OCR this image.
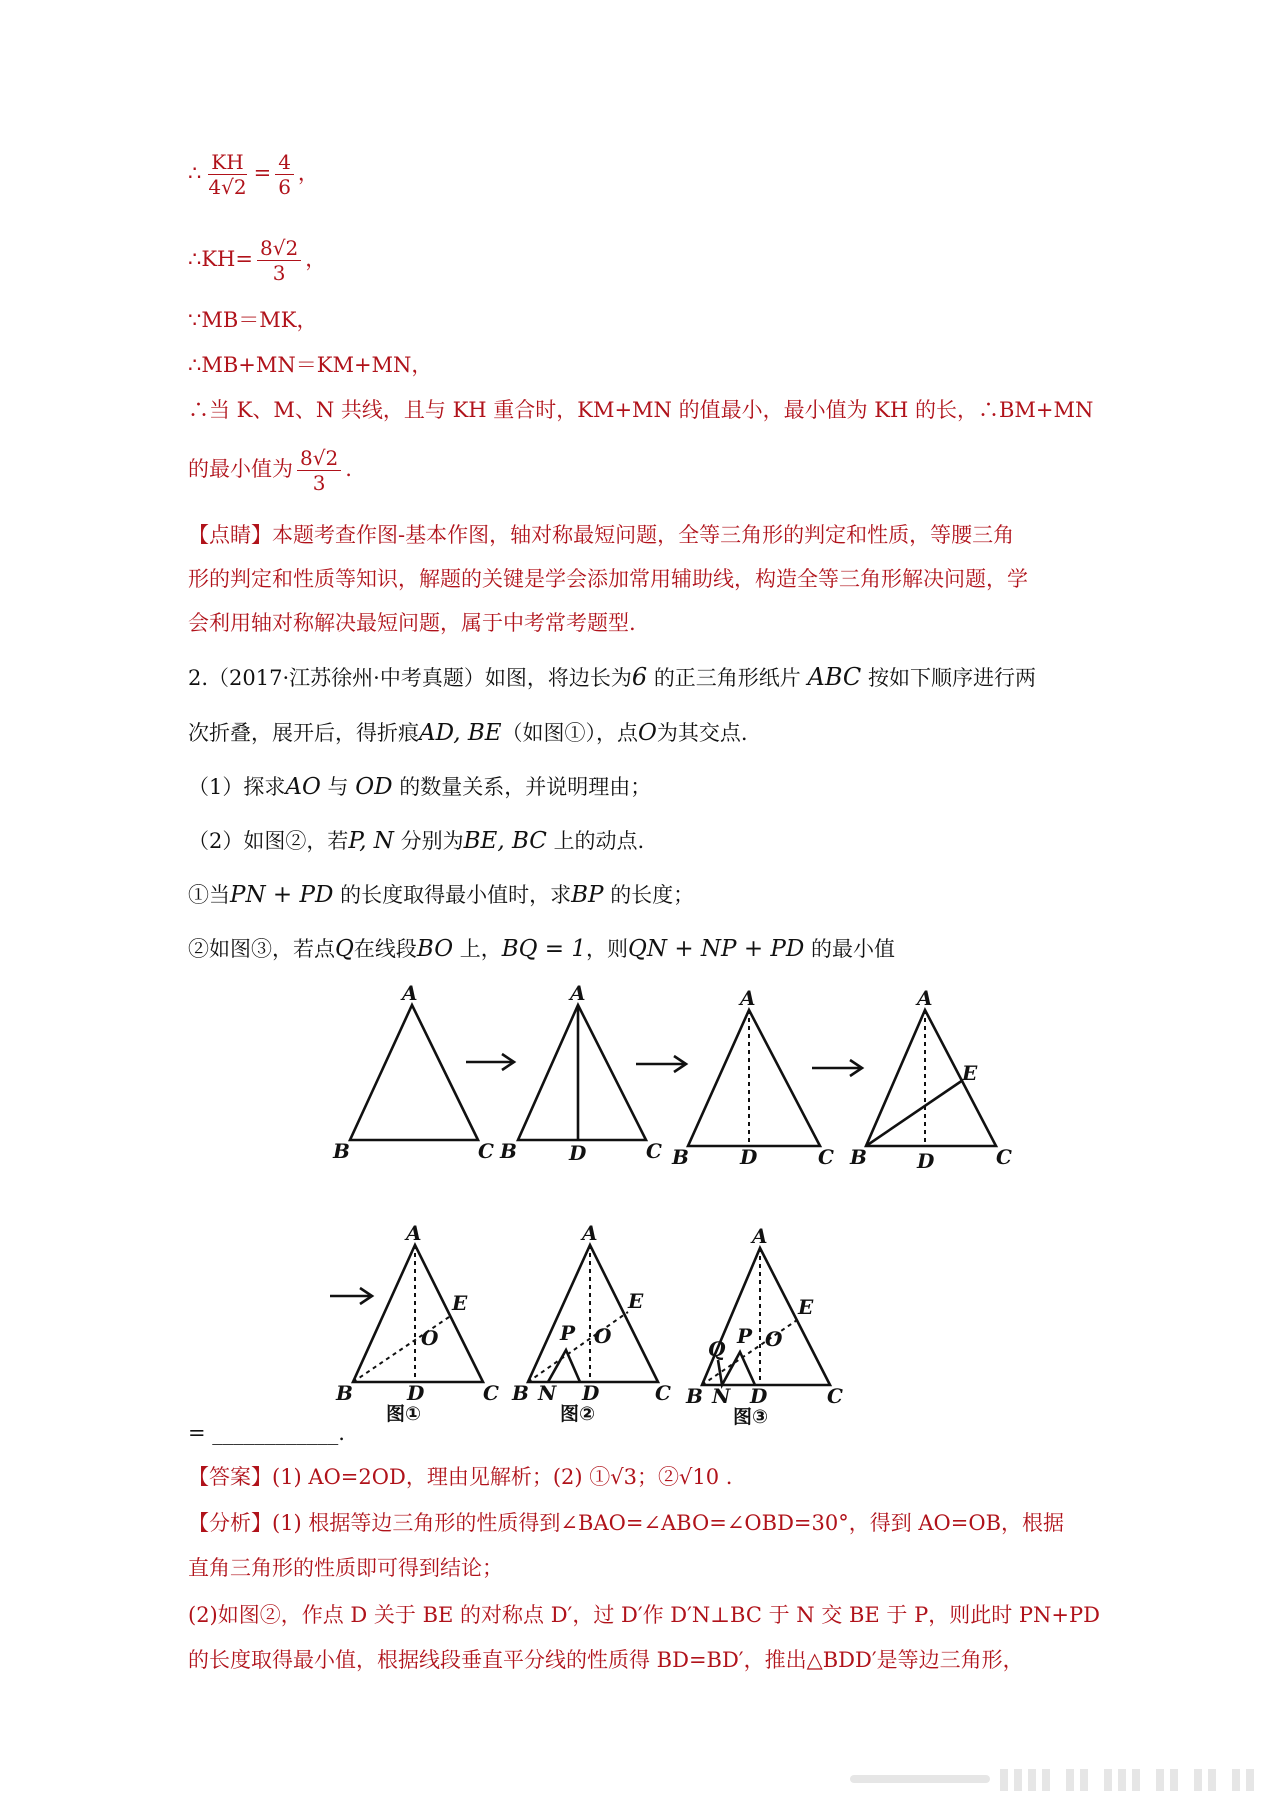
∴ $\frac{KH}{4√2} = \frac{4}{6}$ ，
∴KH= $\frac{8√2}{3}$ ，
∵MB＝MK，
∴MB+MN＝KM+MN，
∴当 K、M、N 共线，且与 KH 重合时，KM+MN 的值最小，最小值为 KH 的长，∴BM+MN
的最小值为 $\frac{8√2}{3}$ .
【点睛】本题考查作图-基本作图，轴对称最短问题，全等三角形的判定和性质，等腰三角
形的判定和性质等知识，解题的关键是学会添加常用辅助线，构造全等三角形解决问题，学
会利用轴对称解决最短问题，属于中考常考题型.
2.（2017·江苏徐州·中考真题）如图，将边长为6 的正三角形纸片 ABC 按如下顺序进行两
次折叠，展开后，得折痕AD, BE（如图①），点O为其交点.
（1）探求AO 与 OD 的数量关系，并说明理由；
（2）如图②，若P, N 分别为BE, BC 上的动点.
①当PN + PD 的长度取得最小值时，求BP 的长度；
②如图③，若点Q在线段BO 上，BQ = 1，则QN + NP + PD 的最小值
A
B	C
A
B	D	C
A
B	D	C
A
B	D	C
E
A
B	D	C
E
O
A
B N D	C
E
O
P
A
B N D	C
E
O
P
Q
图①	图②	图③
= ____________.
【答案】(1) AO=2OD，理由见解析；(2) ①√3；②√10 .
【分析】(1) 根据等边三角形的性质得到∠BAO=∠ABO=∠OBD=30°，得到 AO=OB，根据
直角三角形的性质即可得到结论；
(2)如图②，作点 D 关于 BE 的对称点 D′，过 D′作 D′N⊥BC 于 N 交 BE 于 P，则此时 PN+PD
的长度取得最小值，根据线段垂直平分线的性质得 BD=BD′，推出△BDD′是等边三角形，
